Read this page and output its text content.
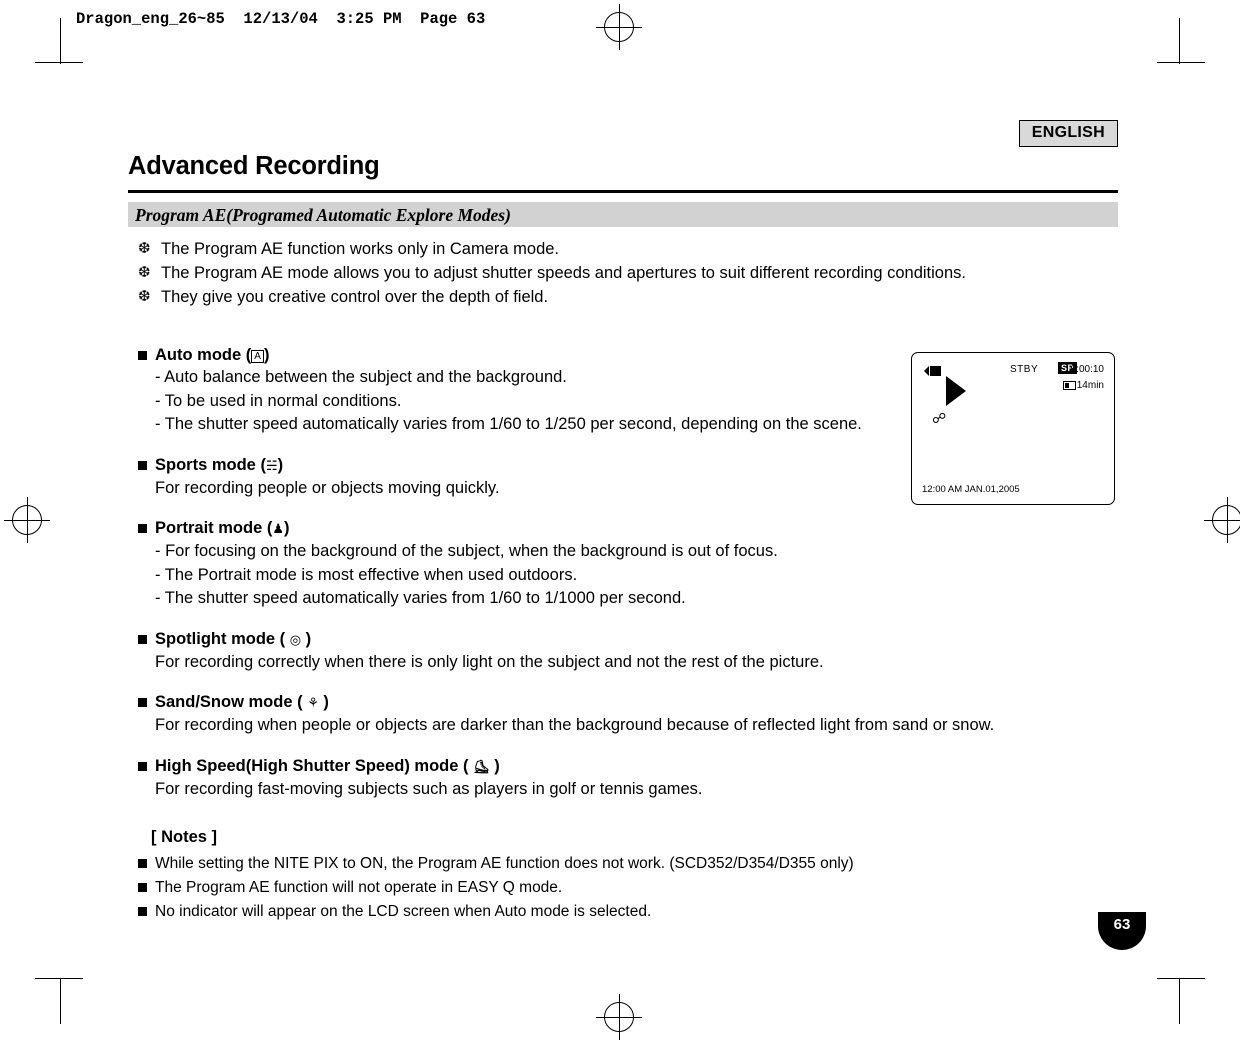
Dragon_eng_26~85  12/13/04  3:25 PM  Page 63
ENGLISH
Advanced Recording
Program AE(Programed Automatic Explore Modes)
❆ The Program AE function works only in Camera mode.
❆ The Program AE mode allows you to adjust shutter speeds and apertures to suit different recording conditions.
❆ They give you creative control over the depth of field.
Auto mode ( A )
- Auto balance between the subject and the background.
- To be used in normal conditions.
- The shutter speed automatically varies from 1/60 to 1/250 per second, depending on the scene.
Sports mode (☵)
For recording people or objects moving quickly.
Portrait mode (♟)
- For focusing on the background of the subject, when the background is out of focus.
- The Portrait mode is most effective when used outdoors.
- The shutter speed automatically varies from 1/60 to 1/1000 per second.
Spotlight mode ( ◎ )
For recording correctly when there is only light on the subject and not the rest of the picture.
Sand/Snow mode ( ⚘ )
For recording when people or objects are darker than the background because of reflected light from sand or snow.
High Speed(High Shutter Speed) mode ( ⛸ )
For recording fast-moving subjects such as players in golf or tennis games.
[ Notes ]
While setting the NITE PIX to ON, the Program AE function does not work. (SCD352/D354/D355 only)
The Program AE function will not operate in EASY Q mode.
No indicator will appear on the LCD screen when Auto mode is selected.
STBY	SP
0:00:10
14min
☍
12:00 AM JAN.01,2005
63
